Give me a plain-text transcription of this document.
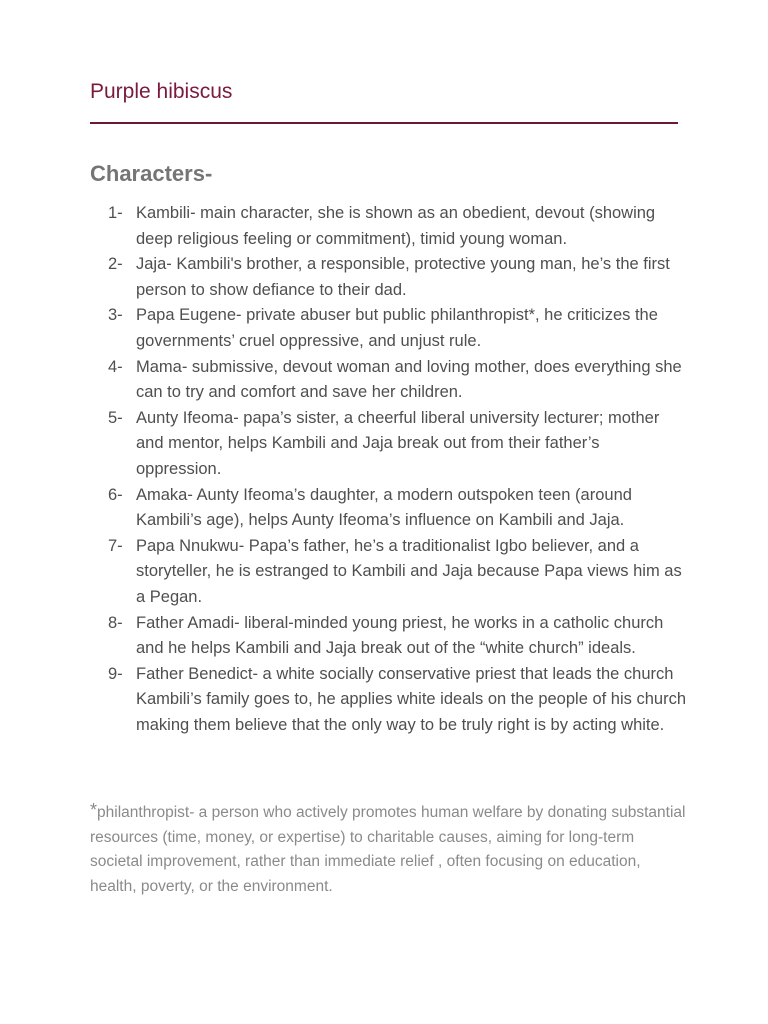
Purple hibiscus
Characters-
1- Kambili- main character, she is shown as an obedient, devout (showing deep religious feeling or commitment), timid young woman.
2- Jaja- Kambili's brother, a responsible, protective young man, he’s the first person to show defiance to their dad.
3- Papa Eugene- private abuser but public philanthropist*, he criticizes the governments’ cruel oppressive, and unjust rule.
4- Mama- submissive, devout woman and loving mother, does everything she can to try and comfort and save her children.
5- Aunty Ifeoma- papa’s sister, a cheerful liberal university lecturer; mother and mentor, helps Kambili and Jaja break out from their father’s oppression.
6- Amaka- Aunty Ifeoma’s daughter, a modern outspoken teen (around Kambili’s age), helps Aunty Ifeoma’s influence on Kambili and Jaja.
7- Papa Nnukwu- Papa’s father, he’s a traditionalist Igbo believer, and a storyteller, he is estranged to Kambili and Jaja because Papa views him as a Pegan.
8- Father Amadi- liberal-minded young priest, he works in a catholic church and he helps Kambili and Jaja break out of the “white church” ideals.
9- Father Benedict- a white socially conservative priest that leads the church Kambili’s family goes to, he applies white ideals on the people of his church making them believe that the only way to be truly right is by acting white.
*philanthropist- a person who actively promotes human welfare by donating substantial resources (time, money, or expertise) to charitable causes, aiming for long-term societal improvement, rather than immediate relief , often focusing on education, health, poverty, or the environment.
